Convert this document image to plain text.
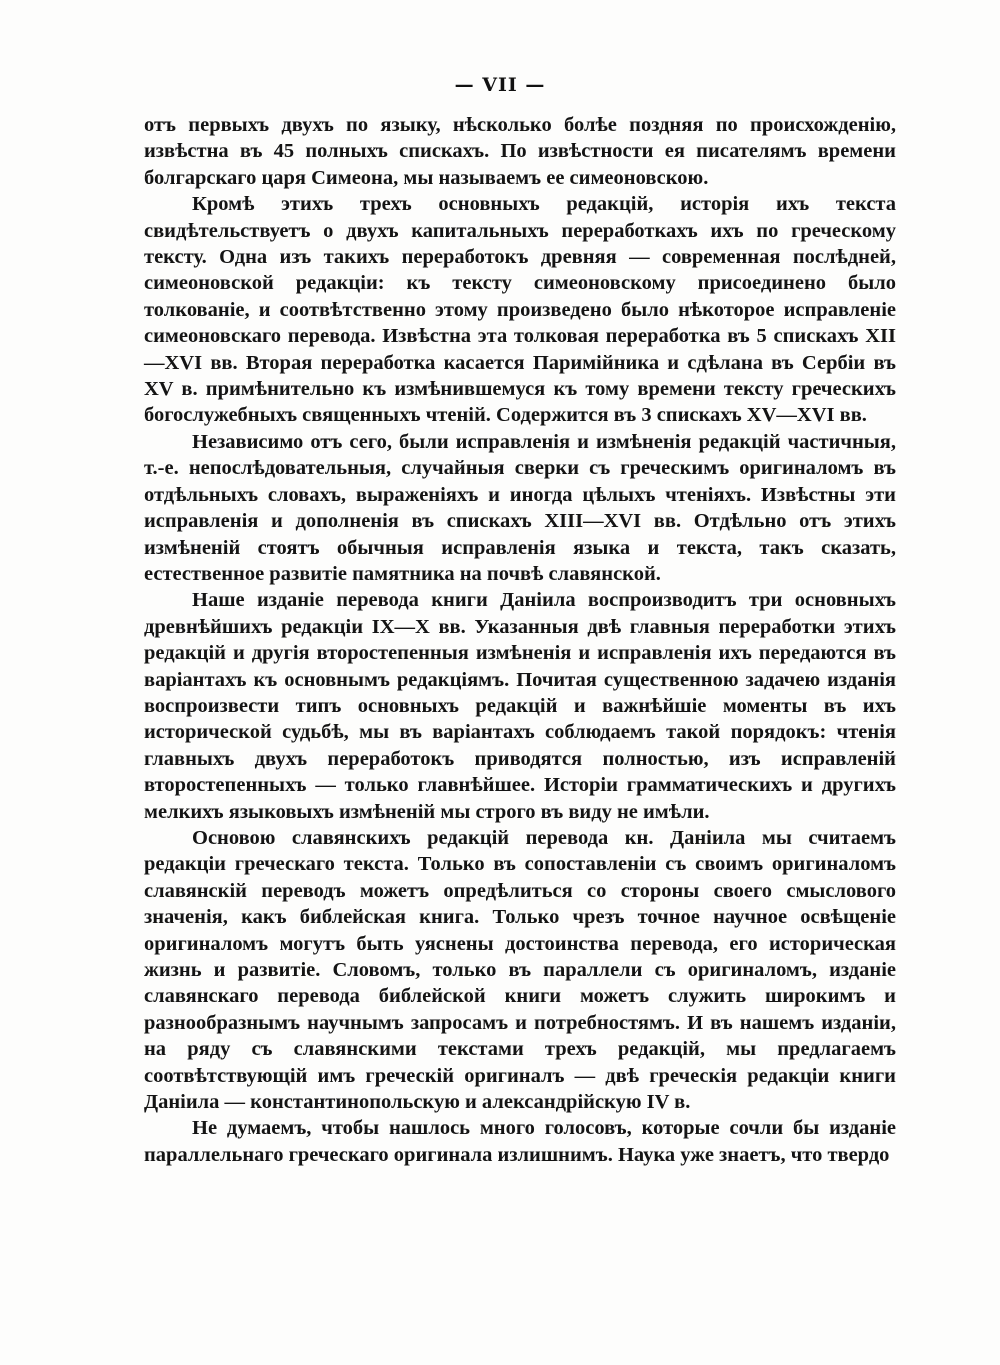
— VII —

отъ первыхъ двухъ по языку, нѣсколько болѣе поздняя по происхожденію, извѣстна въ 45 полныхъ спискахъ. По извѣстности ея писателямъ времени болгарскаго царя Симеона, мы называемъ ее симеоновскою.

Кромѣ этихъ трехъ основныхъ редакцій, исторія ихъ текста свидѣтельствуетъ о двухъ капитальныхъ переработкахъ ихъ по греческому тексту. Одна изъ такихъ переработокъ древняя — современная послѣдней, симеоновской редакціи: къ тексту симеоновскому присоединено было толкованіе, и соотвѣтственно этому произведено было нѣкоторое исправленіе симеоновскаго перевода. Извѣстна эта толковая переработка въ 5 спискахъ XII—XVI вв. Вторая переработка касается Паримійника и сдѣлана въ Сербіи въ XV в. примѣнительно къ измѣнившемуся къ тому времени тексту греческихъ богослужебныхъ священныхъ чтеній. Содержится въ 3 спискахъ XV—XVI вв.

Независимо отъ сего, были исправленія и измѣненія редакцій частичныя, т.-е. непослѣдовательныя, случайныя сверки съ греческимъ оригиналомъ въ отдѣльныхъ словахъ, выраженіяхъ и иногда цѣлыхъ чтеніяхъ. Извѣстны эти исправленія и дополненія въ спискахъ XIII—XVI вв. Отдѣльно отъ этихъ измѣненій стоятъ обычныя исправленія языка и текста, такъ сказать, естественное развитіе памятника на почвѣ славянской.

Наше изданіе перевода книги Даніила воспроизводитъ три основныхъ древнѣйшихъ редакціи IX—X вв. Указанныя двѣ главныя переработки этихъ редакцій и другія второстепенныя измѣненія и исправленія ихъ передаются въ варіантахъ къ основнымъ редакціямъ. Почитая существенною задачею изданія воспроизвести типъ основныхъ редакцій и важнѣйшіе моменты въ ихъ исторической судьбѣ, мы въ варіантахъ соблюдаемъ такой порядокъ: чтенія главныхъ двухъ переработокъ приводятся полностью, изъ исправленій второстепенныхъ — только главнѣйшее. Исторіи грамматическихъ и другихъ мелкихъ языковыхъ измѣненій мы строго въ виду не имѣли.

Основою славянскихъ редакцій перевода кн. Даніила мы считаемъ редакціи греческаго текста. Только въ сопоставленіи съ своимъ оригиналомъ славянскій переводъ можетъ опредѣлиться со стороны своего смыслового значенія, какъ библейская книга. Только чрезъ точное научное освѣщеніе оригиналомъ могутъ быть уяснены достоинства перевода, его историческая жизнь и развитіе. Словомъ, только въ параллели съ оригиналомъ, изданіе славянскаго перевода библейской книги можетъ служить широкимъ и разнообразнымъ научнымъ запросамъ и потребностямъ. И въ нашемъ изданіи, на ряду съ славянскими текстами трехъ редакцій, мы предлагаемъ соотвѣтствующій имъ греческій оригиналъ — двѣ греческія редакціи книги Даніила — константинопольскую и александрійскую IV в.

Не думаемъ, чтобы нашлось много голосовъ, которые сочли бы изданіе параллельнаго греческаго оригинала излишнимъ. Наука уже знаетъ, что твердо
